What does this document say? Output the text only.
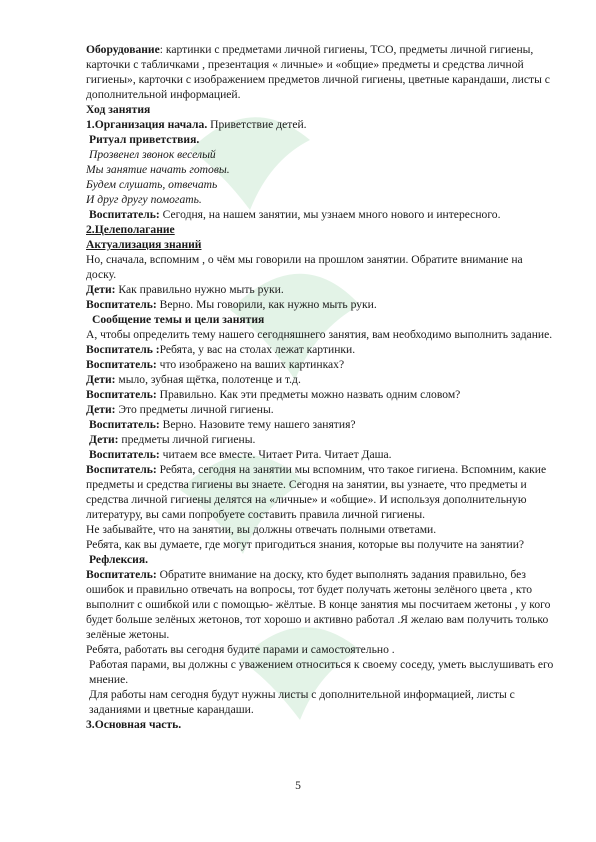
Оборудование: картинки с предметами личной гигиены, ТСО, предметы личной гигиены, карточки с табличками , презентация « личные» и «общие» предметы и средства личной гигиены», карточки с изображением предметов личной гигиены, цветные карандаши, листы с дополнительной информацией.

Ход занятия

1.Организация начала. Приветствие детей.

Ритуал приветствия.

Прозвенел звонок веселый

Мы занятие начать готовы.

Будем слушать, отвечать

И друг другу помогать.

Воспитатель: Сегодня, на нашем занятии, мы узнаем много нового и интересного.

2.Целеполагание

Актуализация знаний

Но, сначала, вспомним , о чём мы говорили на прошлом занятии. Обратите внимание на доску.

Дети: Как правильно нужно мыть руки.

Воспитатель: Верно. Мы говорили, как нужно мыть руки.

Сообщение темы и цели занятия

А, чтобы определить тему нашего сегодняшнего занятия, вам необходимо выполнить задание.

Воспитатель :Ребята, у вас на столах лежат картинки.

Воспитатель: что изображено на ваших картинках?

Дети: мыло, зубная щётка, полотенце и т.д.

Воспитатель: Правильно. Как эти предметы можно назвать одним словом?

Дети: Это предметы личной гигиены.

Воспитатель: Верно. Назовите тему нашего занятия?

Дети: предметы личной гигиены.

Воспитатель: читаем все вместе. Читает Рита. Читает Даша.

Воспитатель: Ребята, сегодня на занятии мы вспомним, что такое гигиена. Вспомним, какие предметы и средства гигиены вы знаете. Сегодня на занятии, вы узнаете, что предметы и средства личной гигиены делятся на «личные» и «общие». И используя дополнительную литературу, вы сами попробуете составить правила личной гигиены.

Не забывайте, что на занятии, вы должны отвечать полными ответами.

Ребята, как вы думаете, где могут пригодиться знания, которые вы получите на занятии?

Рефлексия.

Воспитатель: Обратите внимание на доску, кто будет выполнять задания правильно, без ошибок и правильно отвечать на вопросы, тот будет получать жетоны зелёного цвета , кто выполнит с ошибкой или с помощью- жёлтые. В конце занятия мы посчитаем жетоны , у кого будет больше зелёных жетонов, тот хорошо и активно работал .Я желаю вам получить только зелёные жетоны.

Ребята, работать вы сегодня будите парами и самостоятельно .

Работая парами, вы должны с уважением относиться к своему соседу, уметь выслушивать его мнение.

Для работы нам сегодня будут нужны листы с дополнительной информацией, листы с заданиями и цветные карандаши.

3.Основная часть.

5
